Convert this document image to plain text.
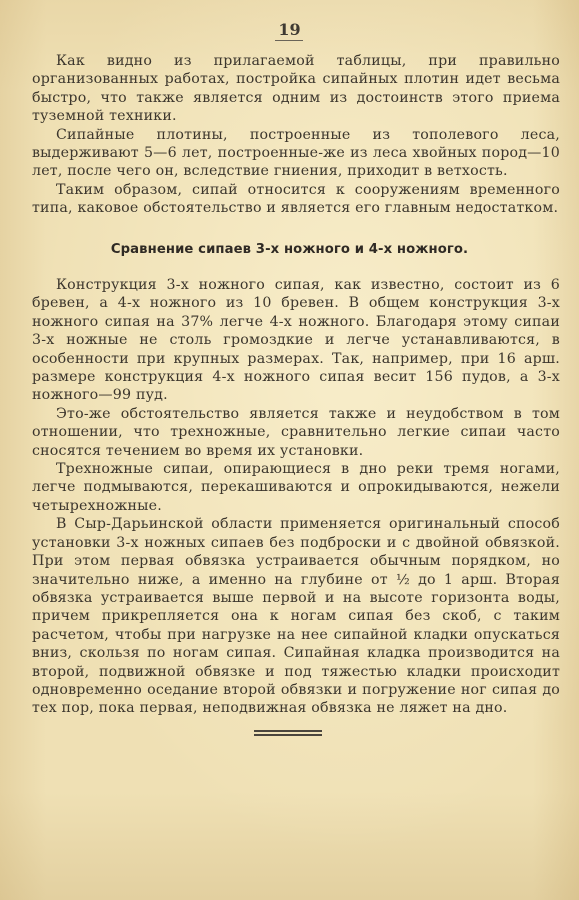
19

Как видно из прилагаемой таблицы, при правильно организованных работах, постройка сипайных плотин идет весьма быстро, что также является одним из достоинств этого приема туземной техники.

Сипайные плотины, построенные из тополевого леса, выдерживают 5—6 лет, построенные-же из леса хвойных пород—10 лет, после чего он, вследствие гниения, приходит в ветхость.

Таким образом, сипай относится к сооружениям временного типа, каковое обстоятельство и является его главным недостатком.

Сравнение сипаев 3-х ножного и 4-х ножного.

Конструкция 3-х ножного сипая, как известно, состоит из 6 бревен, а 4-х ножного из 10 бревен. В общем конструкция 3-х ножного сипая на 37% легче 4-х ножного. Благодаря этому сипаи 3-х ножные не столь громоздкие и легче устанавливаются, в особенности при крупных размерах. Так, например, при 16 арш. размере конструкция 4-х ножного сипая весит 156 пудов, а 3-х ножного—99 пуд.

Это-же обстоятельство является также и неудобством в том отношении, что трехножные, сравнительно легкие сипаи часто сносятся течением во время их установки.

Трехножные сипаи, опирающиеся в дно реки тремя ногами, легче подмываются, перекашиваются и опрокидываются, нежели четырехножные.

В Сыр-Дарьинской области применяется оригинальный способ установки 3-х ножных сипаев без подброски и с двойной обвязкой. При этом первая обвязка устраивается обычным порядком, но значительно ниже, а именно на глубине от ½ до 1 арш. Вторая обвязка устраивается выше первой и на высоте горизонта воды, причем прикрепляется она к ногам сипая без скоб, с таким расчетом, чтобы при нагрузке на нее сипайной кладки опускаться вниз, скользя по ногам сипая. Сипайная кладка производится на второй, подвижной обвязке и под тяжестью кладки происходит одновременно оседание второй обвязки и погружение ног сипая до тех пор, пока первая, неподвижная обвязка не ляжет на дно.
